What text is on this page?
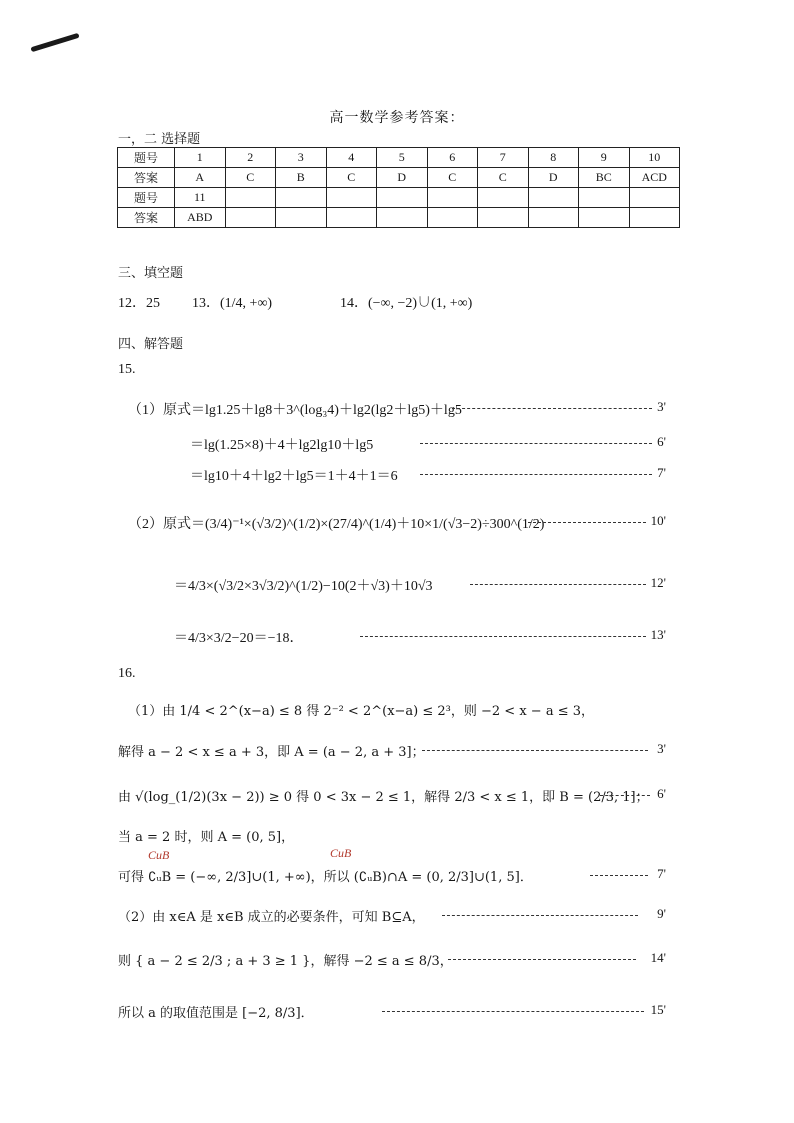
高一数学参考答案：
一，二 选择题
题号	1	2	3	4	5	6	7	8	9	10
答案	A	C	B	C	D	C	C	D	BC	ACD
题号	11									
答案	ABD									
三、填空题
12．25 13．(1/4, +∞)	14．(−∞, −2)∪(1, +∞)
四、解答题
15.
（1）原式＝lg1.25＋lg8＋3^(log₃4)＋lg2(lg2＋lg5)＋lg5	3'
＝lg(1.25×8)＋4＋lg2lg10＋lg5	6'
＝lg10＋4＋lg2＋lg5＝1＋4＋1＝6	7'
（2）原式＝(3/4)⁻¹×(√3/2)^(1/2)×(27/4)^(1/4)＋10×1/(√3−2)÷300^(1/2)	10'
＝4/3×(√3/2×3√3/2)^(1/2)−10(2＋√3)＋10√3	12'
＝4/3×3/2−20＝−18．	13'
16.
（1）由 1/4 < 2^(x−a) ≤ 8 得 2⁻² < 2^(x−a) ≤ 2³，则 −2 < x − a ≤ 3，
解得 a − 2 < x ≤ a + 3，即 A = (a − 2, a + 3]；	3'
由 √(log_(1/2)(3x − 2)) ≥ 0 得 0 < 3x − 2 ≤ 1，解得 2/3 < x ≤ 1，即 B = (2/3, 1]； 6'
当 a = 2 时，则 A = (0, 5]，
CuB	CuB
可得 ∁ᵤB = (−∞, 2/3]∪(1, +∞)，所以 (∁ᵤB)∩A = (0, 2/3]∪(1, 5]．	7'
（2）由 x∈A 是 x∈B 成立的必要条件，可知 B⊆A，	9'
则 { a − 2 ≤ 2/3 ; a + 3 ≥ 1 }，解得 −2 ≤ a ≤ 8/3，	14'
所以 a 的取值范围是 [−2, 8/3]．	15'
